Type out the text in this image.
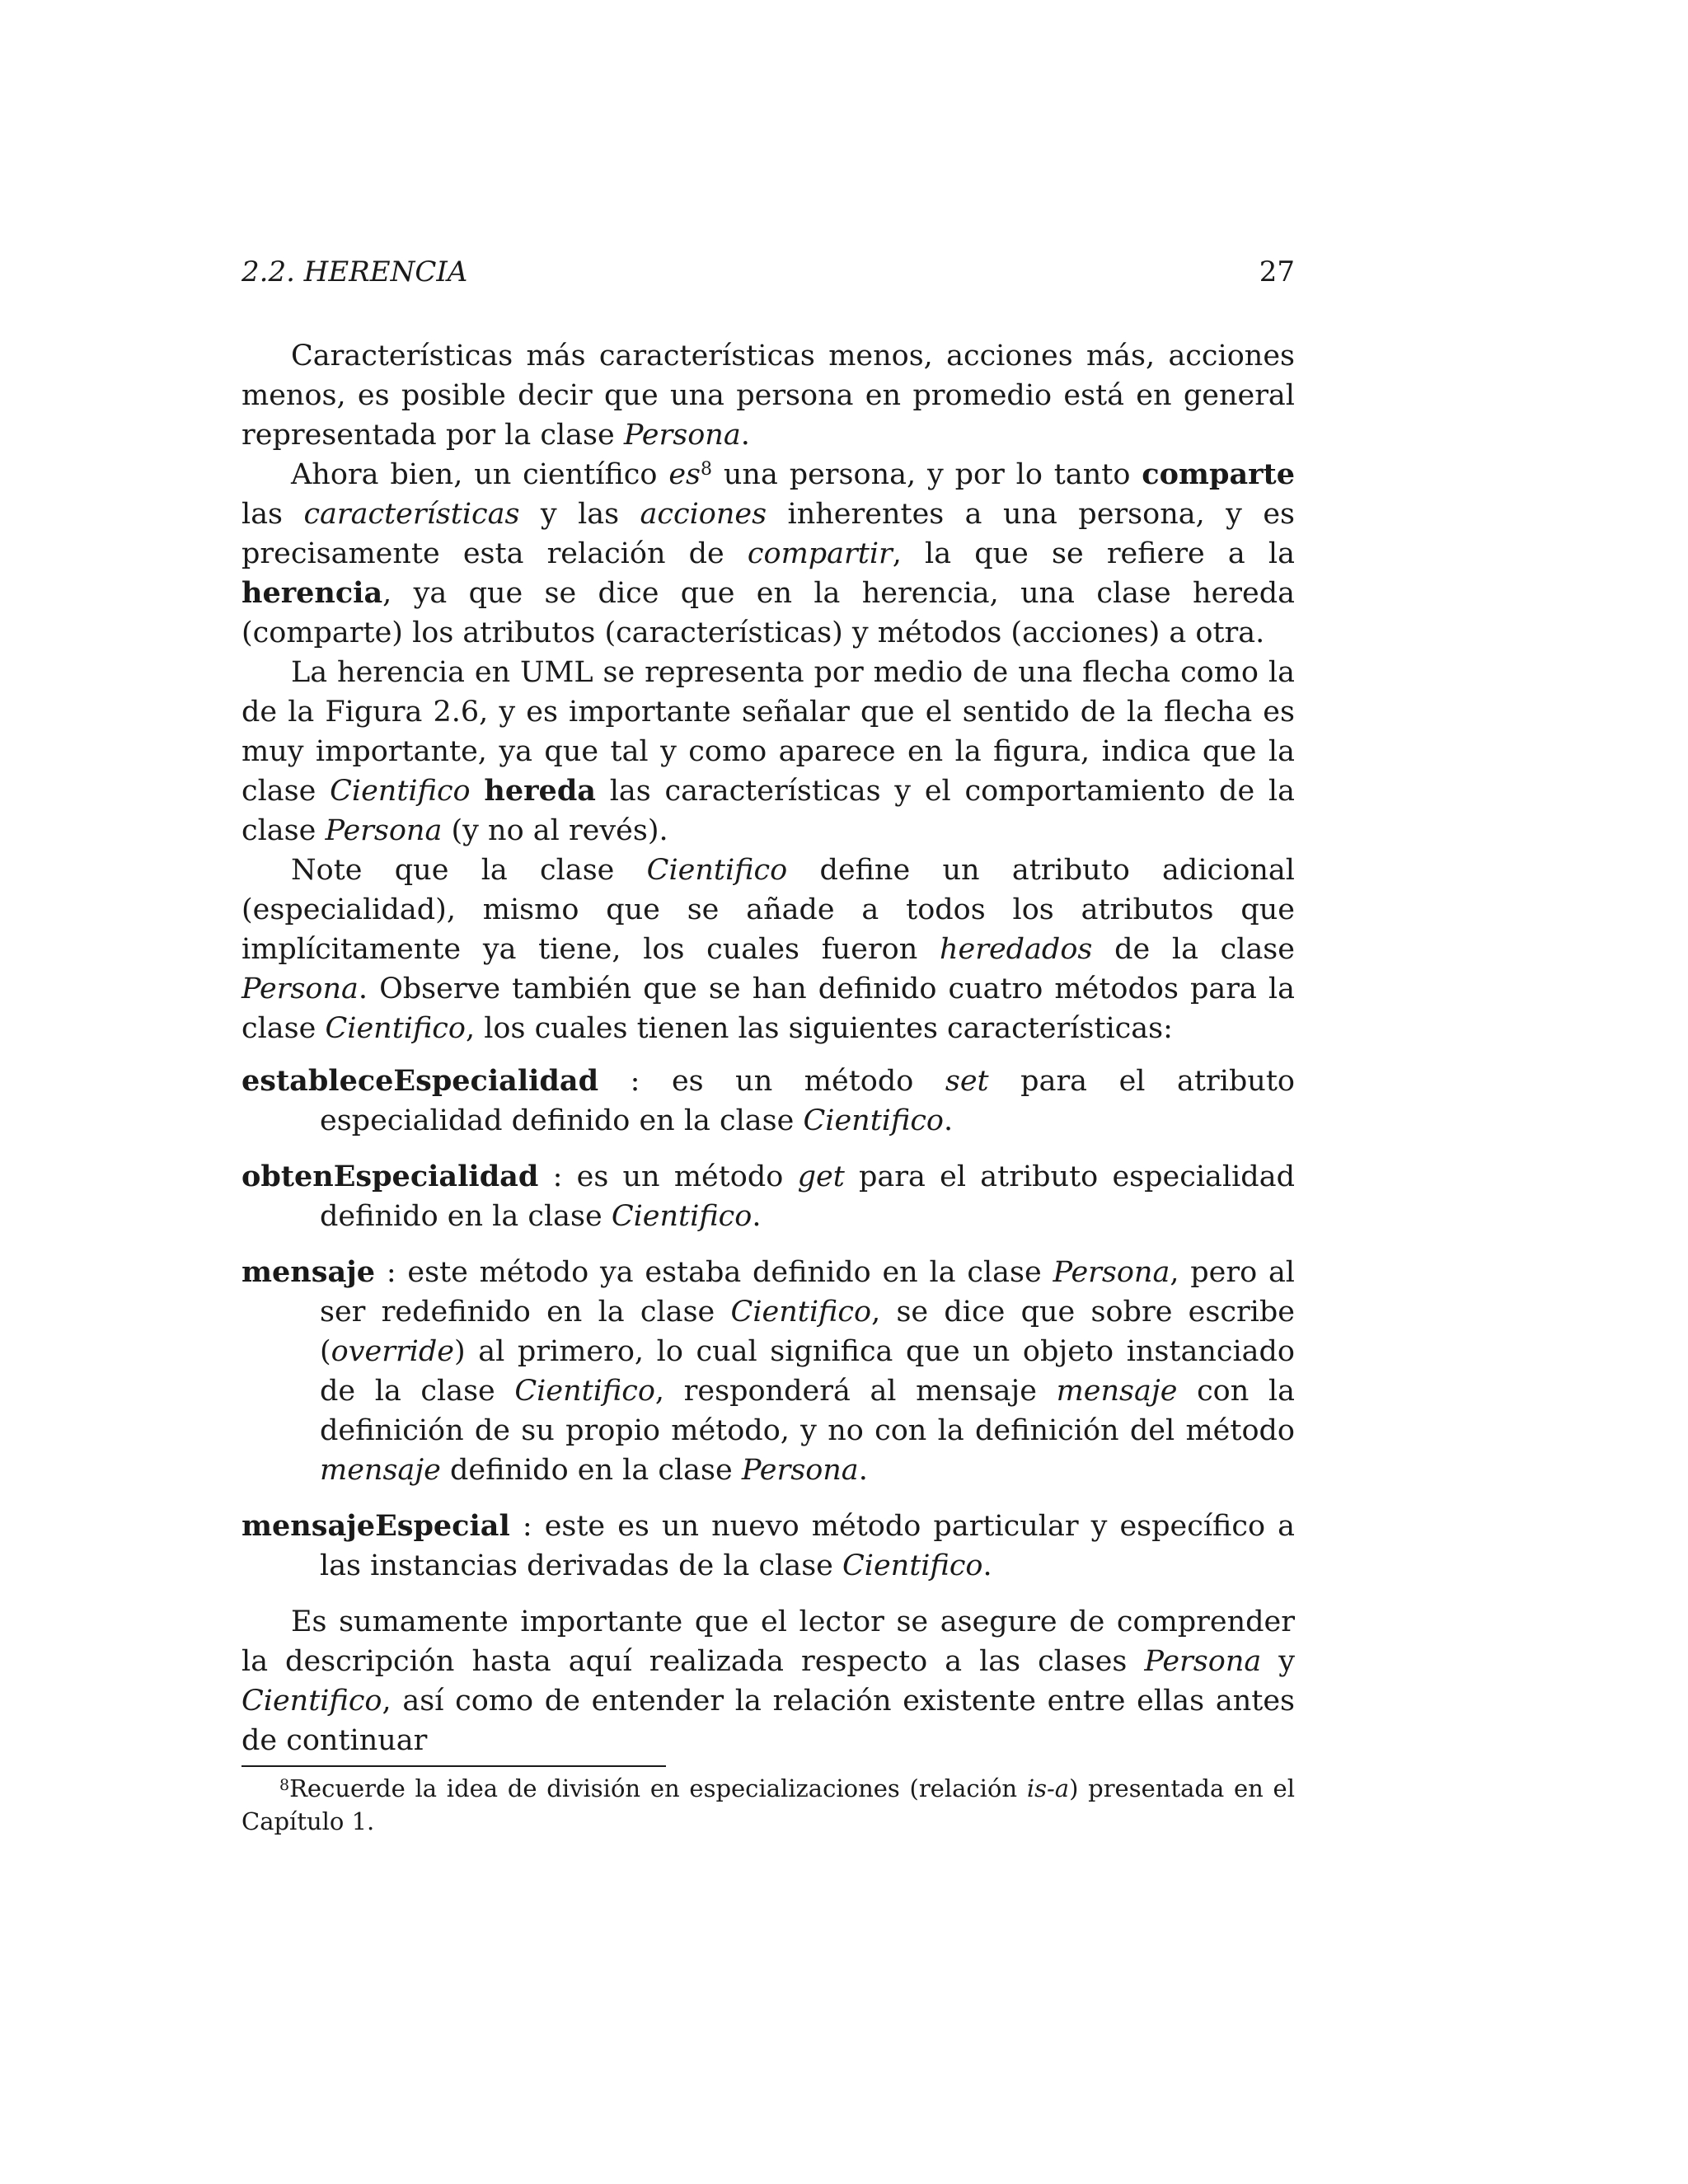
2.2. HERENCIA	27

Características más características menos, acciones más, acciones menos, es posible decir que una persona en promedio está en general representada por la clase Persona.

Ahora bien, un científico $es^8$ una persona, y por lo tanto comparte las características y las acciones inherentes a una persona, y es precisamente esta relación de compartir, la que se refiere a la herencia, ya que se dice que en la herencia, una clase hereda (comparte) los atributos (características) y métodos (acciones) a otra.

La herencia en UML se representa por medio de una flecha como la de la Figura 2.6, y es importante señalar que el sentido de la flecha es muy importante, ya que tal y como aparece en la figura, indica que la clase Cientifico hereda las características y el comportamiento de la clase Persona (y no al revés).

Note que la clase Cientifico define un atributo adicional (especialidad), mismo que se añade a todos los atributos que implícitamente ya tiene, los cuales fueron heredados de la clase Persona. Observe también que se han definido cuatro métodos para la clase Cientifico, los cuales tienen las siguientes características:

estableceEspecialidad : es un método set para el atributo especialidad definido en la clase Cientifico.
obtenEspecialidad : es un método get para el atributo especialidad definido en la clase Cientifico.
mensaje : este método ya estaba definido en la clase Persona, pero al ser redefinido en la clase Cientifico, se dice que sobre escribe (override) al primero, lo cual significa que un objeto instanciado de la clase Cientifico, responderá al mensaje mensaje con la definición de su propio método, y no con la definición del método mensaje definido en la clase Persona.
mensajeEspecial : este es un nuevo método particular y específico a las instancias derivadas de la clase Cientifico.

Es sumamente importante que el lector se asegure de comprender la descripción hasta aquí realizada respecto a las clases Persona y Cientifico, así como de entender la relación existente entre ellas antes de continuar

$^8$Recuerde la idea de división en especializaciones (relación is-a) presentada en el Capítulo 1.
